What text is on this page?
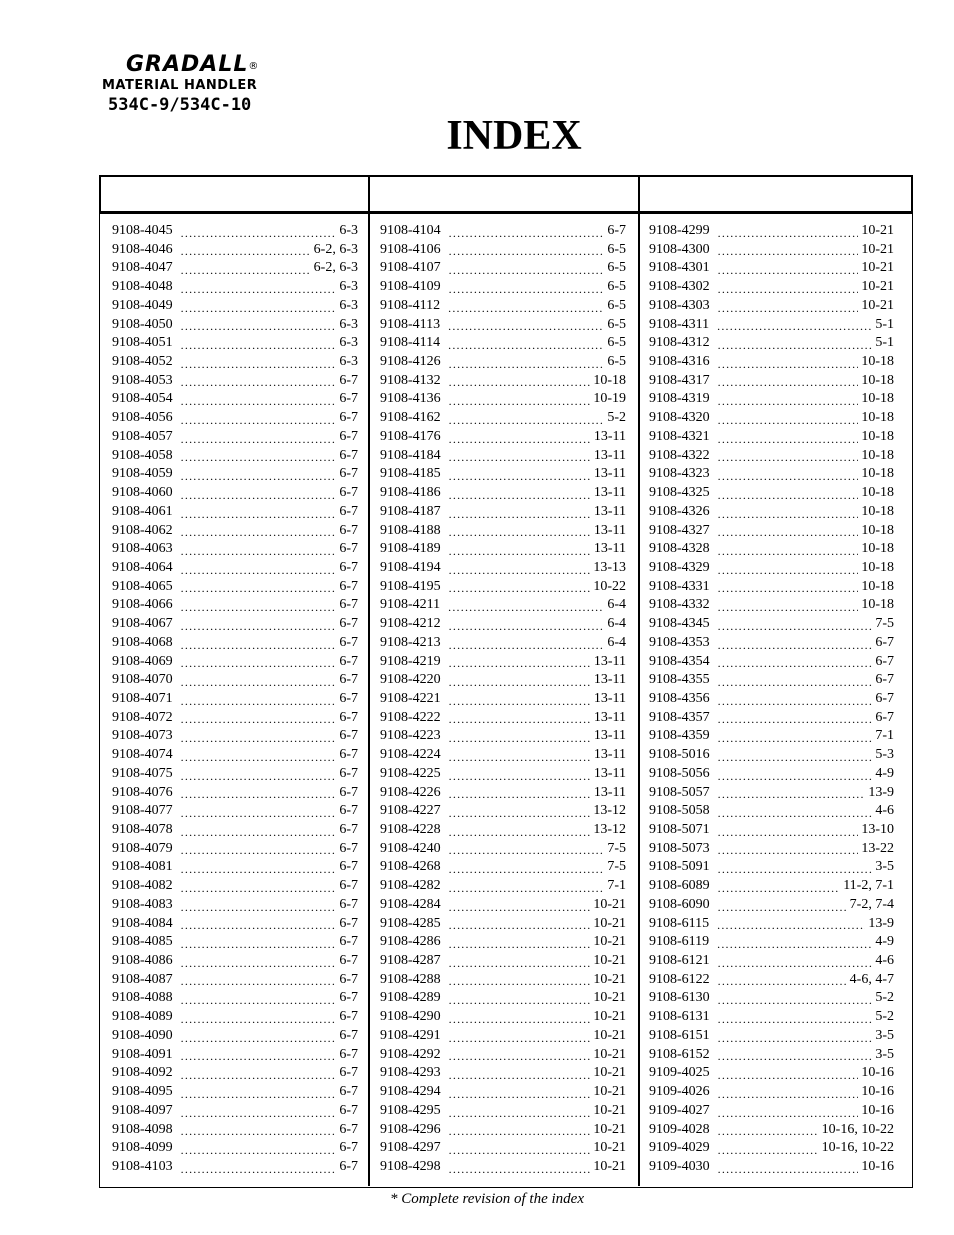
GRADALL®
MATERIAL HANDLER
534C-9/534C-10
INDEX
9108-4045 .....	6-3
9108-4046 .....	6-2, 6-3
9108-4047 .....	6-2, 6-3
9108-4048 .....	6-3
9108-4049 .....	6-3
9108-4050 .....	6-3
9108-4051 .....	6-3
9108-4052 .....	6-3
9108-4053 .....	6-7
9108-4054 .....	6-7
9108-4056 .....	6-7
9108-4057 .....	6-7
9108-4058 .....	6-7
9108-4059 .....	6-7
9108-4060 .....	6-7
9108-4061 .....	6-7
9108-4062 .....	6-7
9108-4063 .....	6-7
9108-4064 .....	6-7
9108-4065 .....	6-7
9108-4066 .....	6-7
9108-4067 .....	6-7
9108-4068 .....	6-7
9108-4069 .....	6-7
9108-4070 .....	6-7
9108-4071 .....	6-7
9108-4072 .....	6-7
9108-4073 .....	6-7
9108-4074 .....	6-7
9108-4075 .....	6-7
9108-4076 .....	6-7
9108-4077 .....	6-7
9108-4078 .....	6-7
9108-4079 .....	6-7
9108-4081 .....	6-7
9108-4082 .....	6-7
9108-4083 .....	6-7
9108-4084 .....	6-7
9108-4085 .....	6-7
9108-4086 .....	6-7
9108-4087 .....	6-7
9108-4088 .....	6-7
9108-4089 .....	6-7
9108-4090 .....	6-7
9108-4091 .....	6-7
9108-4092 .....	6-7
9108-4095 .....	6-7
9108-4097 .....	6-7
9108-4098 .....	6-7
9108-4099 .....	6-7
9108-4103 .....	6-7
9108-4104 .....	6-7
9108-4106 .....	6-5
9108-4107 .....	6-5
9108-4109 .....	6-5
9108-4112 .....	6-5
9108-4113 .....	6-5
9108-4114 .....	6-5
9108-4126 .....	6-5
9108-4132 .....	10-18
9108-4136 .....	10-19
9108-4162 .....	5-2
9108-4176 .....	13-11
9108-4184 .....	13-11
9108-4185 .....	13-11
9108-4186 .....	13-11
9108-4187 .....	13-11
9108-4188 .....	13-11
9108-4189 .....	13-11
9108-4194 .....	13-13
9108-4195 .....	10-22
9108-4211 .....	6-4
9108-4212 .....	6-4
9108-4213 .....	6-4
9108-4219 .....	13-11
9108-4220 .....	13-11
9108-4221 .....	13-11
9108-4222 .....	13-11
9108-4223 .....	13-11
9108-4224 .....	13-11
9108-4225 .....	13-11
9108-4226 .....	13-11
9108-4227 .....	13-12
9108-4228 .....	13-12
9108-4240 .....	7-5
9108-4268 .....	7-5
9108-4282 .....	7-1
9108-4284 .....	10-21
9108-4285 .....	10-21
9108-4286 .....	10-21
9108-4287 .....	10-21
9108-4288 .....	10-21
9108-4289 .....	10-21
9108-4290 .....	10-21
9108-4291 .....	10-21
9108-4292 .....	10-21
9108-4293 .....	10-21
9108-4294 .....	10-21
9108-4295 .....	10-21
9108-4296 .....	10-21
9108-4297 .....	10-21
9108-4298 .....	10-21
9108-4299 .....	10-21
9108-4300 .....	10-21
9108-4301 .....	10-21
9108-4302 .....	10-21
9108-4303 .....	10-21
9108-4311 .....	5-1
9108-4312 .....	5-1
9108-4316 .....	10-18
9108-4317 .....	10-18
9108-4319 .....	10-18
9108-4320 .....	10-18
9108-4321 .....	10-18
9108-4322 .....	10-18
9108-4323 .....	10-18
9108-4325 .....	10-18
9108-4326 .....	10-18
9108-4327 .....	10-18
9108-4328 .....	10-18
9108-4329 .....	10-18
9108-4331 .....	10-18
9108-4332 .....	10-18
9108-4345 .....	7-5
9108-4353 .....	6-7
9108-4354 .....	6-7
9108-4355 .....	6-7
9108-4356 .....	6-7
9108-4357 .....	6-7
9108-4359 .....	7-1
9108-5016 .....	5-3
9108-5056 .....	4-9
9108-5057 .....	13-9
9108-5058 .....	4-6
9108-5071 .....	13-10
9108-5073 .....	13-22
9108-5091 .....	3-5
9108-6089 .....	11-2, 7-1
9108-6090 .....	7-2, 7-4
9108-6115 .....	13-9
9108-6119 .....	4-9
9108-6121 .....	4-6
9108-6122 .....	4-6, 4-7
9108-6130 .....	5-2
9108-6131 .....	5-2
9108-6151 .....	3-5
9108-6152 .....	3-5
9109-4025 .....	10-16
9109-4026 .....	10-16
9109-4027 .....	10-16
9109-4028 .....	10-16, 10-22
9109-4029 .....	10-16, 10-22
9109-4030 .....	10-16
* Complete revision of the index
